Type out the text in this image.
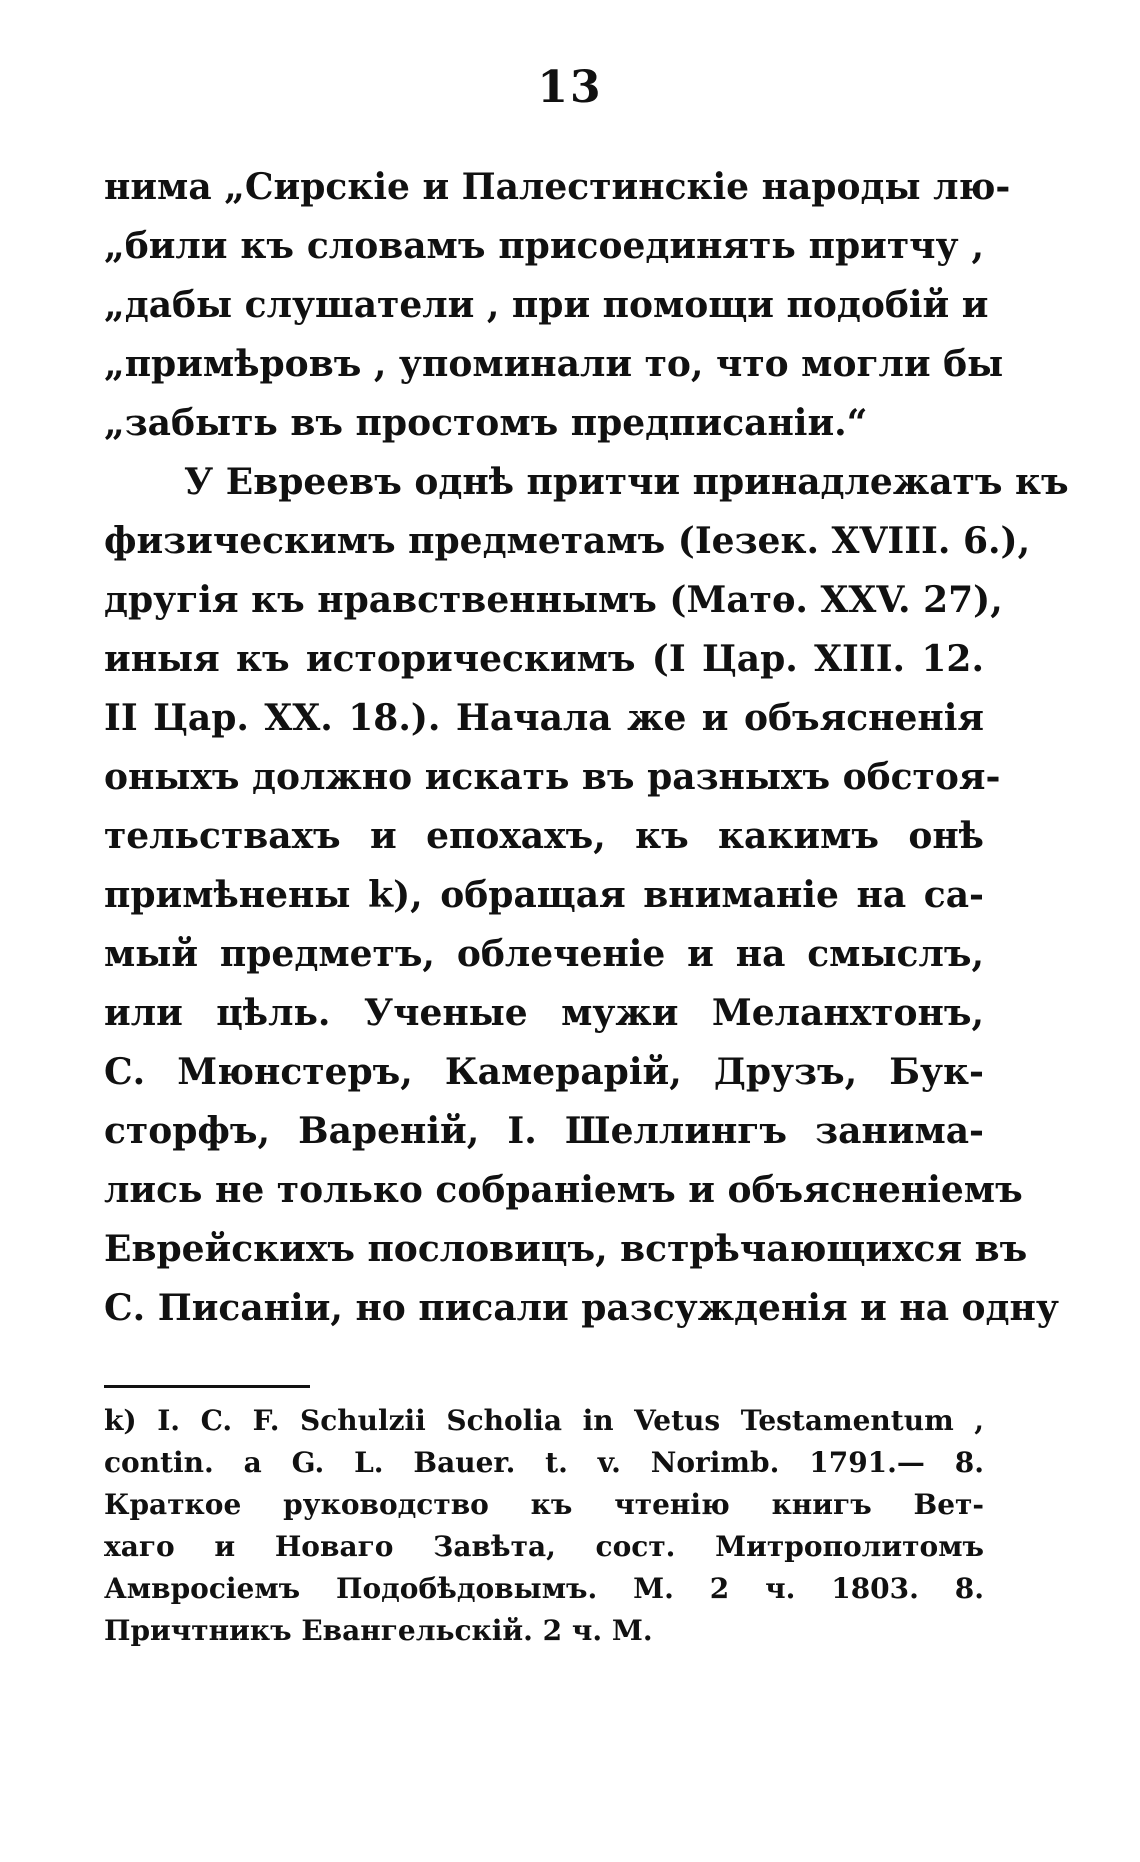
13
нима „Сирскіе и Палестинскіе народы лю-
„били къ словамъ присоединять притчу ,
„дабы слушатели , при помощи подобій и
„примѣровъ , упоминали то, что могли бы
„забыть въ простомъ предписаніи.“
У Евреевъ однѣ притчи принадлежатъ къ
физическимъ предметамъ (Іезек. XVIII. 6.),
другія къ нравственнымъ (Матѳ. XXV. 27),
иныя къ историческимъ (І Цар. XIII. 12.
II Цар. XX. 18.). Начала же и объясненія
оныхъ должно искать въ разныхъ обстоя-
тельствахъ и епохахъ, къ какимъ онѣ
примѣнены k), обращая вниманіе на са-
мый предметъ, облеченіе и на смыслъ,
или цѣль. Ученые мужи Меланхтонъ,
С. Мюнстеръ, Камерарій, Друзъ, Бук-
сторфъ, Вареній, І. Шеллингъ занима-
лись не только собраніемъ и объясненіемъ
Еврейскихъ пословицъ, встрѣчающихся въ
С. Писаніи, но писали разсужденія и на одну
k) I. C. F. Schulzii Scholia in Vetus Testamentum ,
contin. a G. L. Bauer. t. v. Norimb. 1791.— 8.
Краткое руководство къ чтенію книгъ Вет-
хаго и Новаго Завѣта, сост. Митрополитомъ
Амвросіемъ Подобѣдовымъ. М. 2 ч. 1803. 8.
Причтникъ Евангельскій. 2 ч. М.
